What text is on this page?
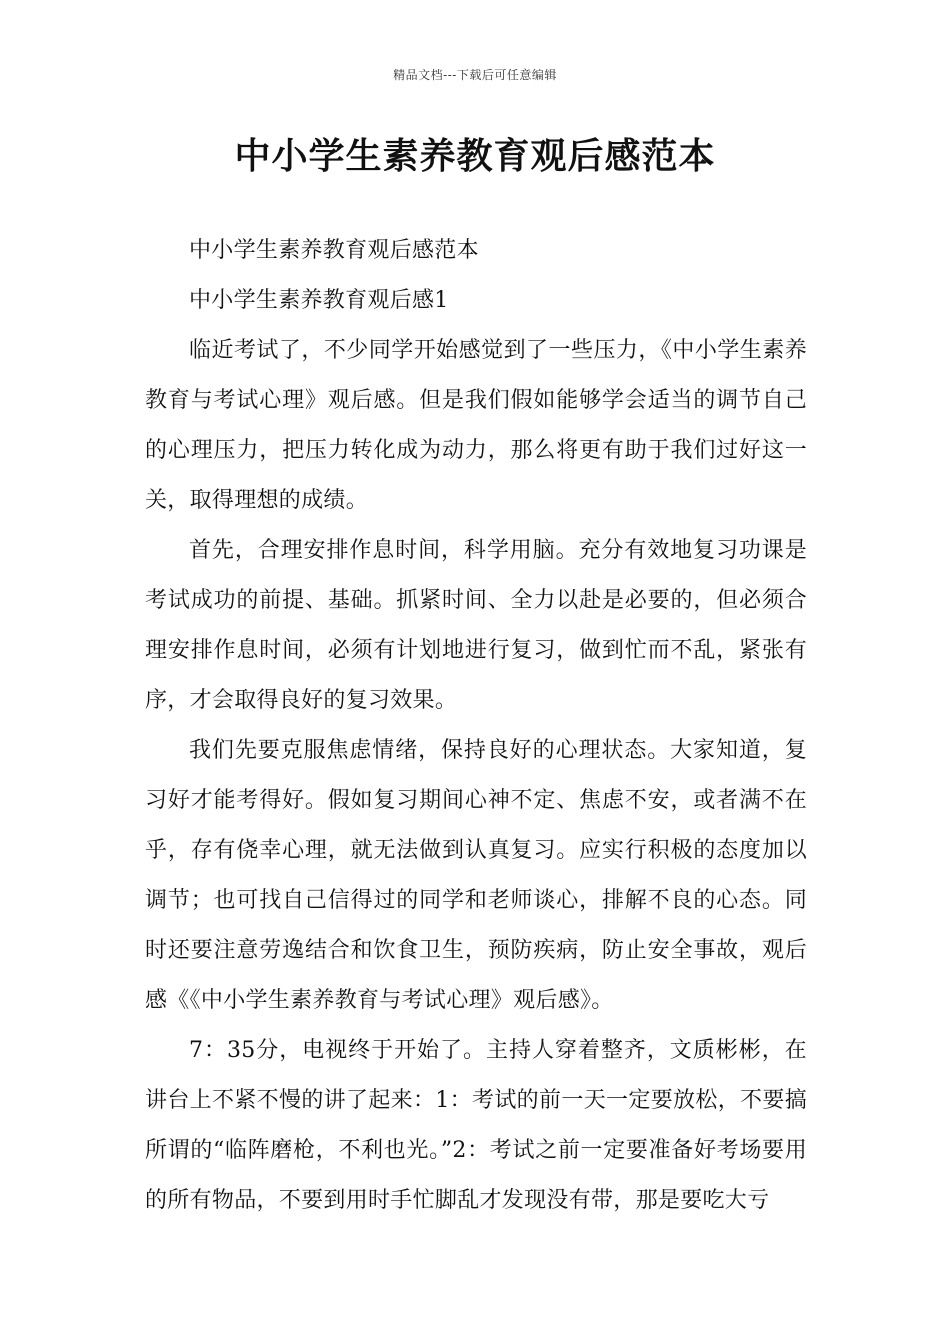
精品文档---下载后可任意编辑
中小学生素养教育观后感范本

中小学生素养教育观后感范本

中小学生素养教育观后感1

临近考试了，不少同学开始感觉到了一些压力，《中小学生素养教育与考试心理》观后感。但是我们假如能够学会适当的调节自己的心理压力，把压力转化成为动力，那么将更有助于我们过好这一关，取得理想的成绩。

首先，合理安排作息时间，科学用脑。充分有效地复习功课是考试成功的前提、基础。抓紧时间、全力以赴是必要的，但必须合理安排作息时间，必须有计划地进行复习，做到忙而不乱，紧张有序，才会取得良好的复习效果。

我们先要克服焦虑情绪，保持良好的心理状态。大家知道，复习好才能考得好。假如复习期间心神不定、焦虑不安，或者满不在乎，存有侥幸心理，就无法做到认真复习。应实行积极的态度加以调节；也可找自己信得过的同学和老师谈心，排解不良的心态。同时还要注意劳逸结合和饮食卫生，预防疾病，防止安全事故，观后感《《中小学生素养教育与考试心理》观后感》。

7：35分，电视终于开始了。主持人穿着整齐，文质彬彬，在讲台上不紧不慢的讲了起来：1：考试的前一天一定要放松，不要搞所谓的“临阵磨枪，不利也光。”2：考试之前一定要准备好考场要用的所有物品，不要到用时手忙脚乱才发现没有带，那是要吃大亏
